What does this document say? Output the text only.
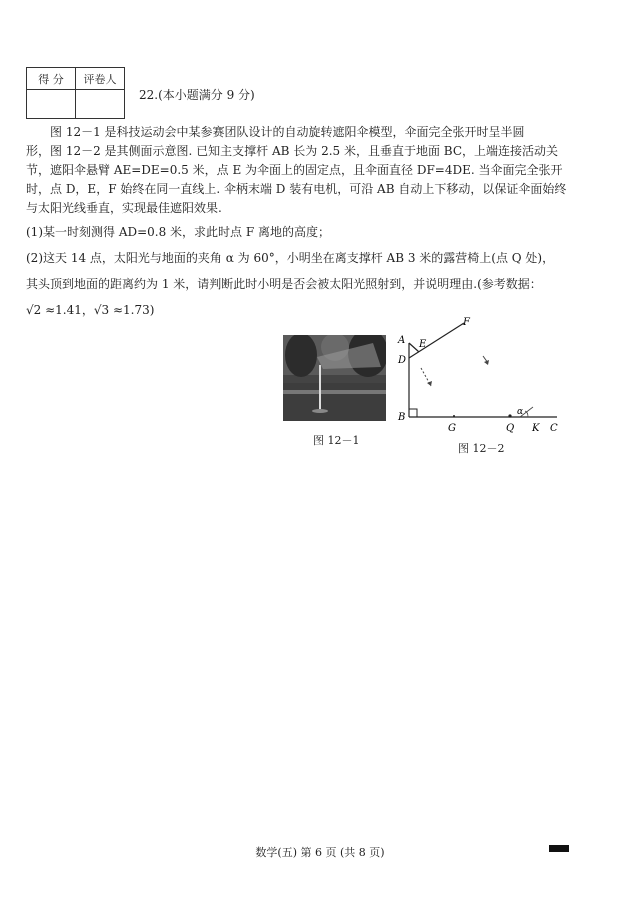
得 分	评卷人

22.(本小题满分 9 分)
图 12－1 是科技运动会中某参赛团队设计的自动旋转遮阳伞模型，伞面完全张开时呈半圆
形，图 12－2 是其侧面示意图. 已知主支撑杆 AB 长为 2.5 米，且垂直于地面 BC，上端连接活动关
节，遮阳伞悬臂 AE=DE=0.5 米，点 E 为伞面上的固定点，且伞面直径 DF=4DE. 当伞面完全张开
时，点 D，E，F 始终在同一直线上. 伞柄末端 D 装有电机，可沿 AB 自动上下移动，以保证伞面始终
与太阳光线垂直，实现最佳遮阳效果.
(1)某一时刻测得 AD=0.8 米，求此时点 F 离地的高度；
(2)这天 14 点，太阳光与地面的夹角 α 为 60°，小明坐在离支撑杆 AB 3 米的露营椅上(点 Q 处)，
其头顶到地面的距离约为 1 米，请判断此时小明是否会被太阳光照射到，并说明理由.(参考数据：
√2 ≈1.41，√3 ≈1.73)
图 12－1
A E
F
D
B
G	Q K C
α
图 12－2
数学(五) 第 6 页 (共 8 页)
